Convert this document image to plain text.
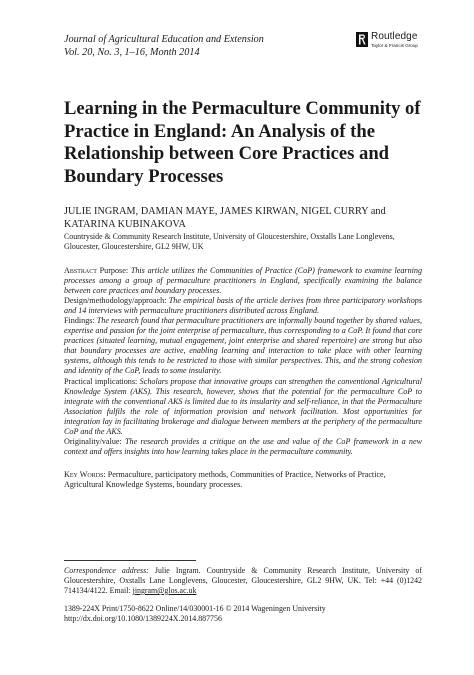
Journal of Agricultural Education and Extension
Vol. 20, No. 3, 1–16, Month 2014
Routledge
Taylor & Francis Group
Learning in the Permaculture Community of Practice in England: An Analysis of the Relationship between Core Practices and Boundary Processes
JULIE INGRAM, DAMIAN MAYE, JAMES KIRWAN, NIGEL CURRY and
KATARINA KUBINAKOVA
Countryside & Community Research Institute, University of Gloucestershire, Oxstalls Lane Longlevens,
Gloucester, Gloucestershire, GL2 9HW, UK

Abstract Purpose: This article utilizes the Communities of Practice (CoP) framework to examine learning processes among a group of permaculture practitioners in England, specifically examining the balance between core practices and boundary processes.

Design/methodology/approach: The empirical basis of the article derives from three participatory workshops and 14 interviews with permaculture practitioners distributed across England.

Findings: The research found that permaculture practitioners are informally bound together by shared values, expertise and passion for the joint enterprise of permaculture, thus corresponding to a CoP. It found that core practices (situated learning, mutual engagement, joint enterprise and shared repertoire) are strong but also that boundary processes are active, enabling learning and interaction to take place with other learning systems, although this tends to be restricted to those with similar perspectives. This, and the strong cohesion and identity of the CoP, leads to some insularity.

Practical implications: Scholars propose that innovative groups can strengthen the conventional Agricultural Knowledge System (AKS). This research, however, shows that the potential for the permaculture CoP to integrate with the conventional AKS is limited due to its insularity and self-reliance, in that the Permaculture Association fulfils the role of information provision and network facilitation. Most opportunities for integration lay in facilitating brokerage and dialogue between members at the periphery of the permaculture CoP and the AKS.

Originality/value: The research provides a critique on the use and value of the CoP framework in a new context and offers insights into how learning takes place in the permaculture community.

Key Words: Permaculture, participatory methods, Communities of Practice, Networks of Practice, Agricultural Knowledge Systems, boundary processes.
Correspondence address: Julie Ingram. Countryside & Community Research Institute, University of Gloucestershire, Oxstalls Lane Longlevens, Gloucester, Gloucestershire, GL2 9HW, UK. Tel: +44 (0)1242 714134/4122. Email: jingram@glos.ac.uk
1389-224X Print/1750-8622 Online/14/030001-16 © 2014 Wageningen University
http://dx.doi.org/10.1080/1389224X.2014.887756
